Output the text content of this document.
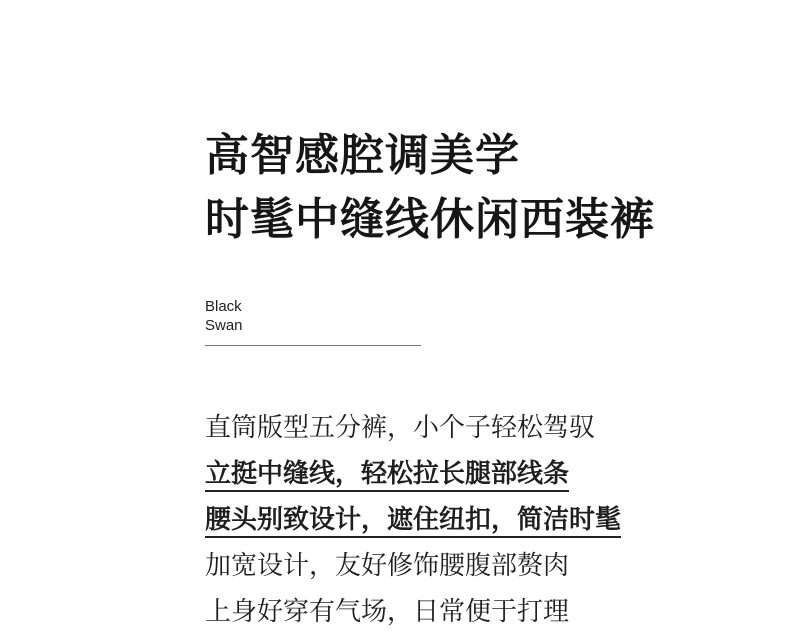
高智感腔调美学
时髦中缝线休闲西装裤
Black
Swan
直筒版型五分裤，小个子轻松驾驭
立挺中缝线，轻松拉长腿部线条
腰头别致设计，遮住纽扣，简洁时髦
加宽设计，友好修饰腰腹部赘肉
上身好穿有气场，日常便于打理
